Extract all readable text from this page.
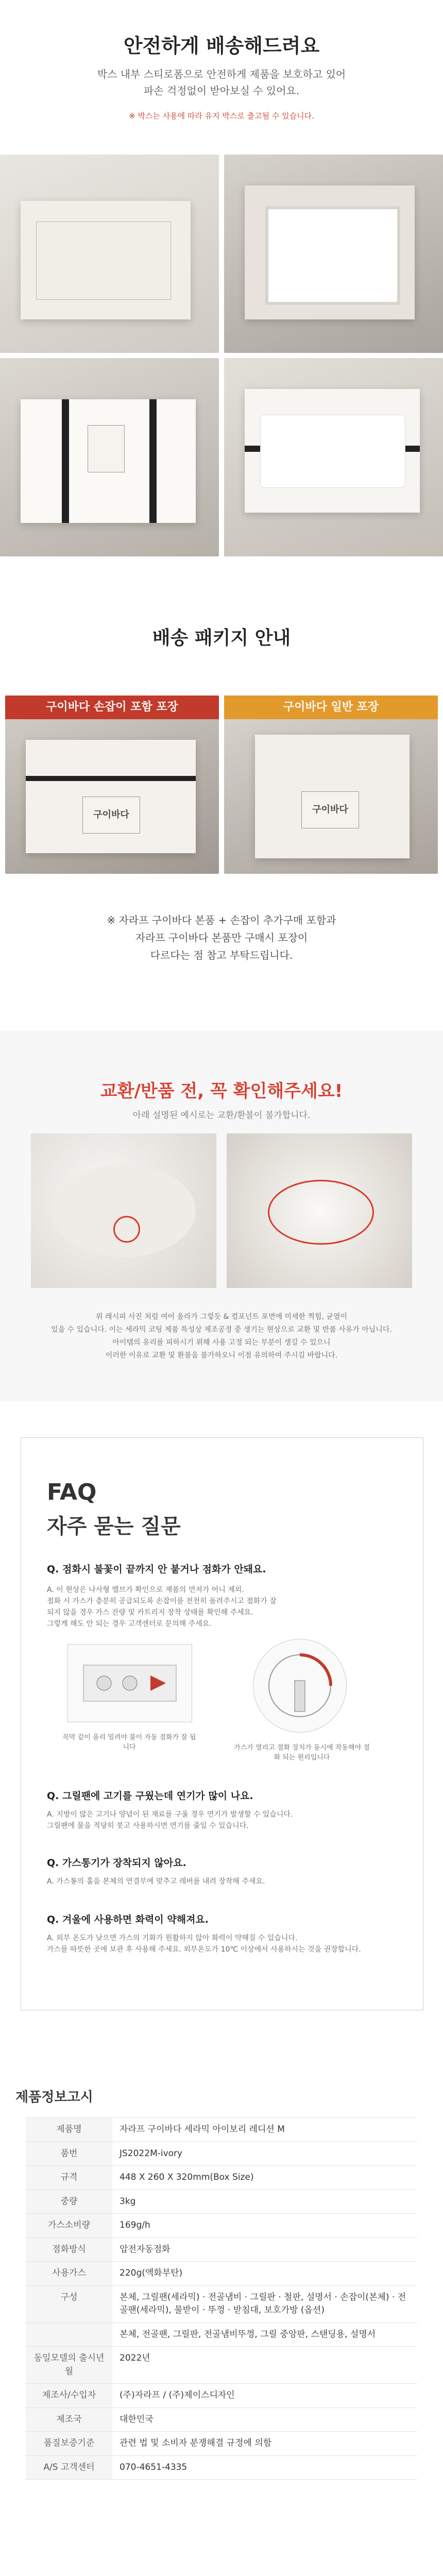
안전하게 배송해드려요
박스 내부 스티로폼으로 안전하게 제품을 보호하고 있어
파손 걱정없이 받아보실 수 있어요.
※ 박스는 사용에 따라 유지 박스로 출고될 수 있습니다.
배송 패키지 안내
구이바다 손잡이 포함 포장	구이바다 일반 포장
구이바다	구이바다
※ 자라프 구이바다 본품 + 손잡이 추가구매 포함과
자라프 구이바다 본품만 구매시 포장이
다르다는 점 참고 부탁드립니다.
교환/반품 전, 꼭 확인해주세요!
아래 설명된 예시로는 교환/환불이 불가합니다.
위 레시피 사진 처럼 여어 올라가 그렇듯 & 컴포넌트 포면에 미세한 찍힘, 균열이
있을 수 있습니다. 이는 세라믹 코팅 제품 특성상 제조공정 중 생기는 현상으로 교환 및 반품 사유가 아닙니다.
아이템의 유리를 피하시기 위해 사용 고정 되는 부분이 생길 수 있으니
이러한 이유로 교환 및 환불을 불가하오니 이점 유의하여 주시길 바랍니다.
FAQ
자주 묻는 질문
Q. 점화시 불꽃이 끝까지 안 붙거나 점화가 안돼요.
A. 이 현상은 나사형 밸브가 확인으로 제품의 먼저가 어니 제외.
점화 시 가스가 충분히 공급되도록 손잡이를 천천히 돌려주시고 점화가 잘
되지 않을 경우 가스 잔량 및 카트리지 장착 상태를 확인해 주세요.
그렇게 해도 안 되는 경우 고객센터로 문의해 주세요.
꼭막 같이 올리 밀려야 불이 자동 점화가 잘 됩니다	가스가 열리고 점화 장치가 동시에 작동해야 점화 되는 원리입니다
Q. 그릴팬에 고기를 구웠는데 연기가 많이 나요.
A. 지방이 많은 고기나 양념이 된 재료를 구울 경우 연기가 발생할 수 있습니다.
그릴팬에 물을 적당히 붓고 사용하시면 연기를 줄일 수 있습니다.
Q. 가스통기가 장착되지 않아요.
A. 가스통의 홈을 본체의 연결부에 맞추고 레버를 내려 장착해 주세요.
Q. 겨울에 사용하면 화력이 약해져요.
A. 외부 온도가 낮으면 가스의 기화가 원활하지 않아 화력이 약해질 수 있습니다.
가스를 따뜻한 곳에 보관 후 사용해 주세요. 외부온도가 10℃ 이상에서 사용하시는 것을 권장합니다.
제품정보고시
제품명	자라프 구이바다 세라믹 아이보리 레디션 M
품번	JS2022M-ivory
규격	448 X 260 X 320mm(Box Size)
중량	3kg
가스소비량	169g/h
점화방식	압전자동점화
사용가스	220g(액화부탄)
구성	본체, 그릴팬(세라믹) · 전골냄비 · 그릴판 · 철판, 설명서 · 손잡이(본체) · 전골팬(세라믹), 물받이 · 뚜껑 · 받침대, 보호가방 (옵션)
	본체, 전골팬, 그릴판, 전골냄비뚜껑, 그릴 중앙판, 스탠딩용, 설명서
동일모델의 출시년월	2022년
제조사/수입자	(주)자라프 / (주)제이스디자인
제조국	대한민국
품질보증기준	관련 법 및 소비자 분쟁해결 규정에 의함
A/S 고객센터	070-4651-4335
